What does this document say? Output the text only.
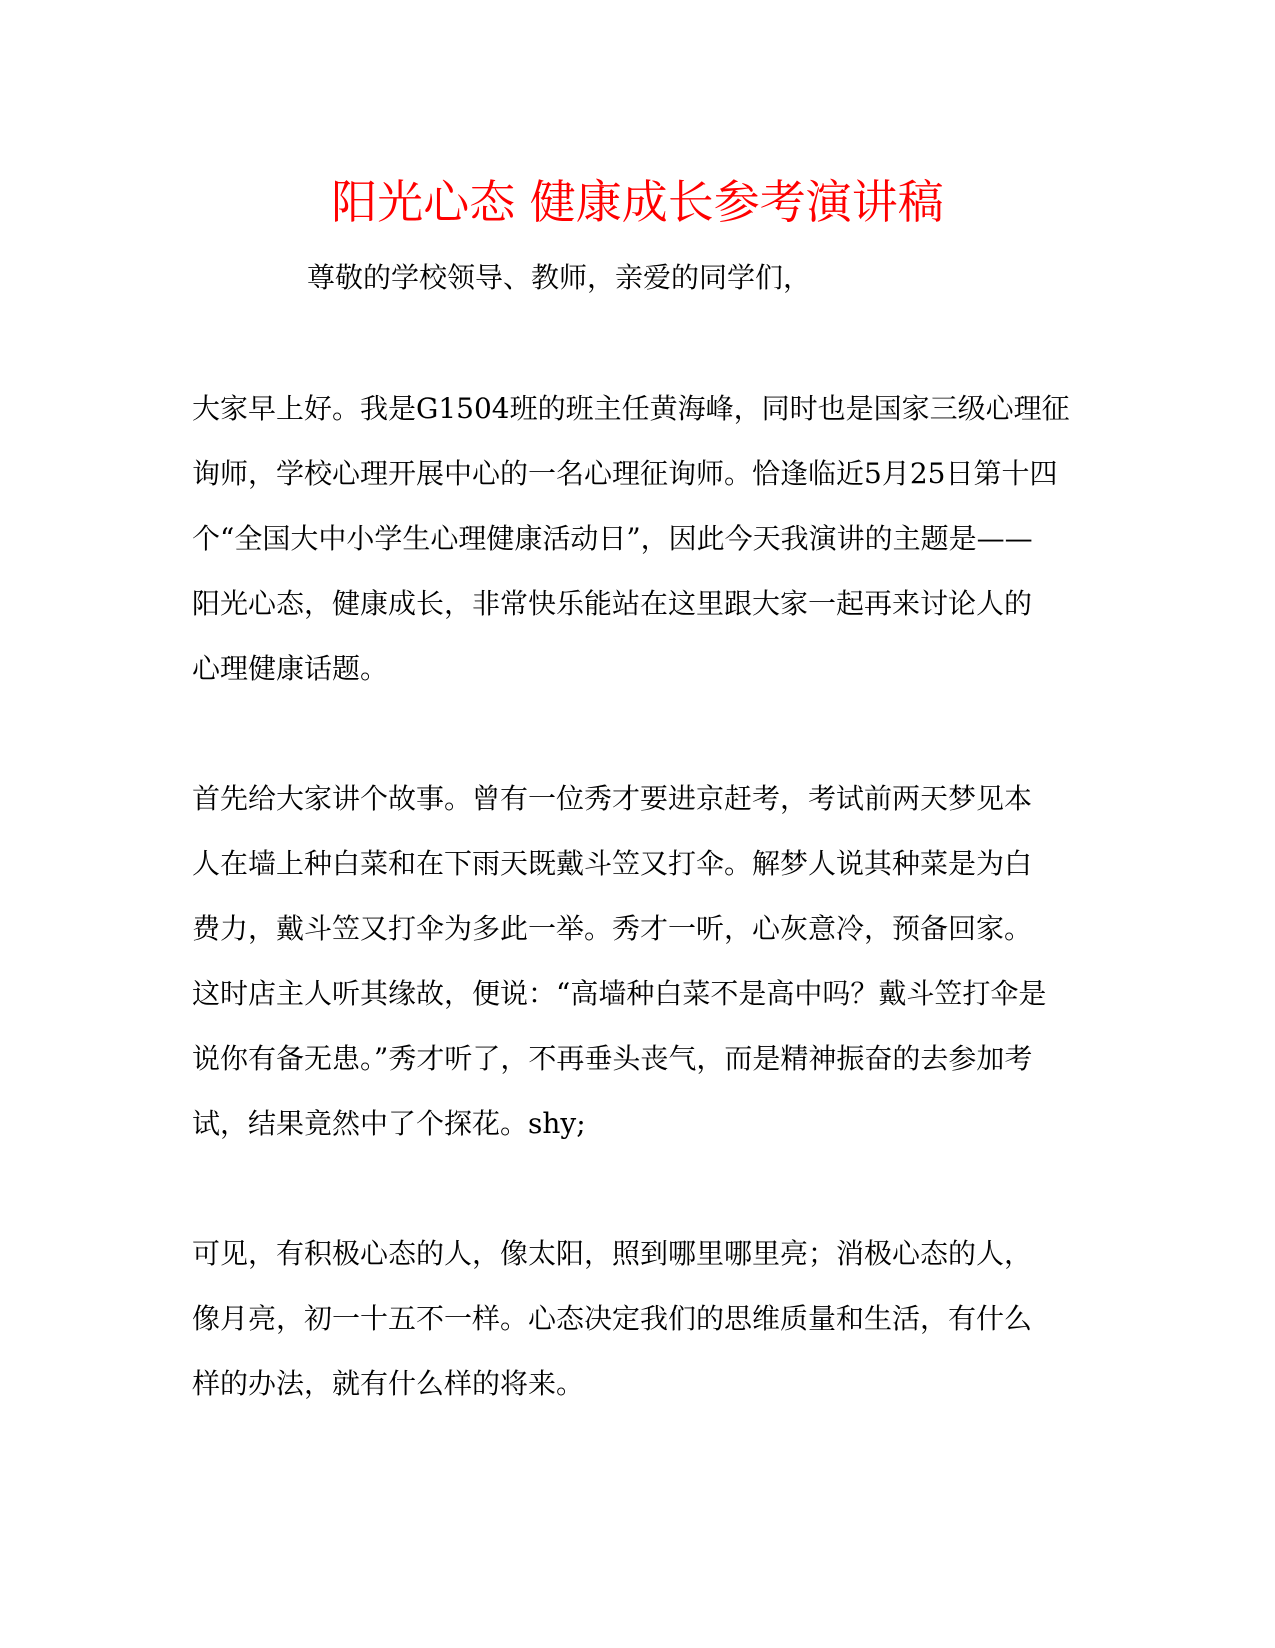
阳光心态 健康成长参考演讲稿
尊敬的学校领导、教师，亲爱的同学们，
大家早上好。我是G1504班的班主任黄海峰，同时也是国家三级心理征
询师，学校心理开展中心的一名心理征询师。恰逢临近5月25日第十四
个“全国大中小学生心理健康活动日”，因此今天我演讲的主题是——
阳光心态，健康成长，非常快乐能站在这里跟大家一起再来讨论人的
心理健康话题。
首先给大家讲个故事。曾有一位秀才要进京赶考，考试前两天梦见本
人在墙上种白菜和在下雨天既戴斗笠又打伞。解梦人说其种菜是为白
费力，戴斗笠又打伞为多此一举。秀才一听，心灰意冷，预备回家。
这时店主人听其缘故，便说：“高墙种白菜不是高中吗？戴斗笠打伞是
说你有备无患。”秀才听了，不再垂头丧气，而是精神振奋的去参加考
试，结果竟然中了个探花。shy;
可见，有积极心态的人，像太阳，照到哪里哪里亮；消极心态的人，
像月亮，初一十五不一样。心态决定我们的思维质量和生活，有什么
样的办法，就有什么样的将来。
